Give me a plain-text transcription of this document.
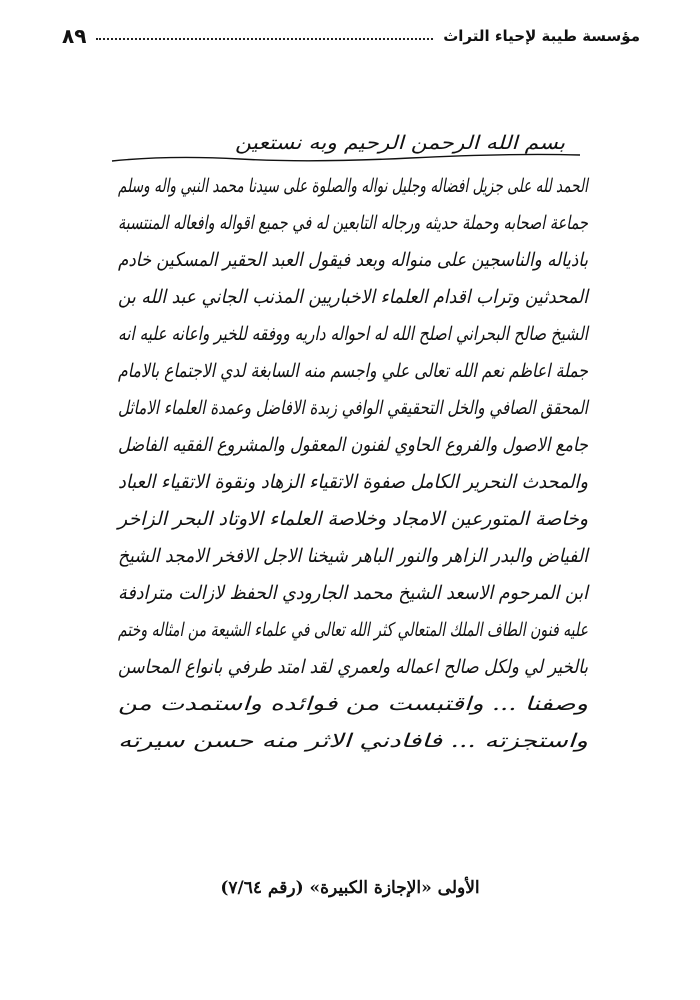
مؤسسة طيبة لإحياء التراث
٨٩
بسم الله الرحمن الرحيم وبه نستعين
الحمد لله على جزيل افضاله وجليل نواله والصلوة على سيدنا محمد النبي واله وسلم
جماعة اصحابه وحملة حديثه ورجاله التابعين له في جميع اقواله وافعاله المنتسبة
باذياله والناسجين على منواله وبعد فيقول العبد الحقير المسكين خادم
المحدثين وتراب اقدام العلماء الاخباريين المذنب الجاني عبد الله بن
الشيخ صالح البحراني اصلح الله له احواله داريه ووفقه للخير واعانه عليه انه
جملة اعاظم نعم الله تعالى علي واجسم منه السابغة لدي الاجتماع بالامام
المحقق الصافي والخل التحقيقي الوافي زبدة الافاضل وعمدة العلماء الاماثل
جامع الاصول والفروع الحاوي لفنون المعقول والمشروع الفقيه الفاضل
والمحدث النحرير الكامل صفوة الاتقياء الزهاد ونقوة الاتقياء العباد
وخاصة المتورعين الامجاد وخلاصة العلماء الاوتاد البحر الزاخر
الفياض والبدر الزاهر والنور الباهر شيخنا الاجل الافخر الامجد الشيخ
ابن المرحوم الاسعد الشيخ محمد الجارودي الحفظ لازالت مترادفة
عليه فنون الطاف الملك المتعالي كثر الله تعالى في علماء الشيعة من امثاله وختم
بالخير لي ولكل صالح اعماله ولعمري لقد امتد طرفي بانواع المحاسن
وصفنا ... واقتبست من فوائده واستمدت من
واستجزته ... فافادني الاثر منه حسن سيرته
الأولى «الإجازة الكبيرة» (رقم ٧/٦٤)
